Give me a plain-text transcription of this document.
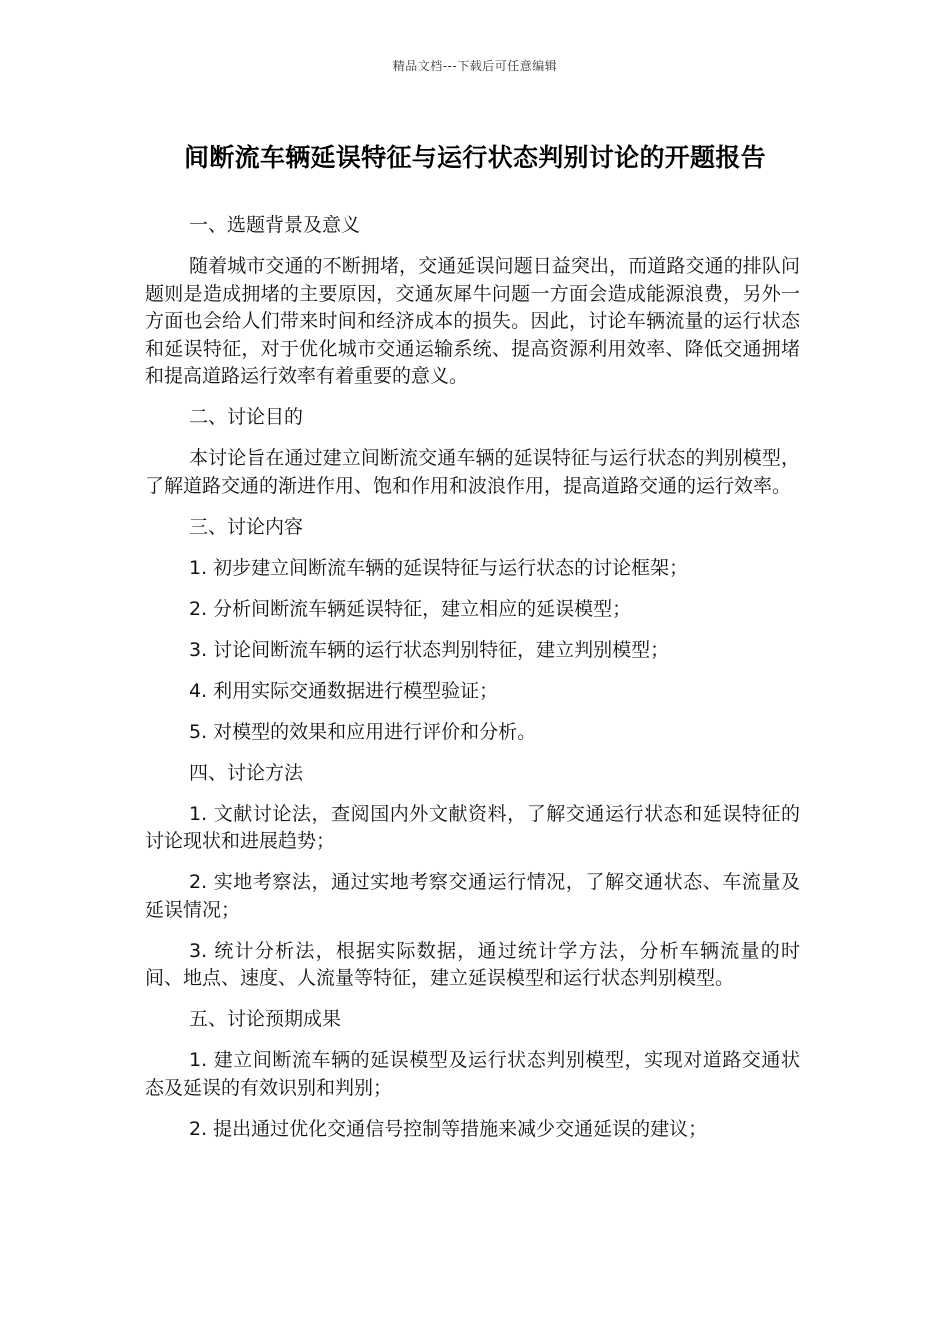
精品文档---下载后可任意编辑
间断流车辆延误特征与运行状态判别讨论的开题报告

一、选题背景及意义

随着城市交通的不断拥堵，交通延误问题日益突出，而道路交通的排队问题则是造成拥堵的主要原因，交通灰犀牛问题一方面会造成能源浪费，另外一方面也会给人们带来时间和经济成本的损失。因此，讨论车辆流量的运行状态和延误特征，对于优化城市交通运输系统、提高资源利用效率、降低交通拥堵和提高道路运行效率有着重要的意义。

二、讨论目的

本讨论旨在通过建立间断流交通车辆的延误特征与运行状态的判别模型，了解道路交通的渐进作用、饱和作用和波浪作用，提高道路交通的运行效率。

三、讨论内容

1. 初步建立间断流车辆的延误特征与运行状态的讨论框架；

2. 分析间断流车辆延误特征，建立相应的延误模型；

3. 讨论间断流车辆的运行状态判别特征，建立判别模型；

4. 利用实际交通数据进行模型验证；

5. 对模型的效果和应用进行评价和分析。

四、讨论方法

1. 文献讨论法，查阅国内外文献资料，了解交通运行状态和延误特征的讨论现状和进展趋势；

2. 实地考察法，通过实地考察交通运行情况，了解交通状态、车流量及延误情况；

3. 统计分析法，根据实际数据，通过统计学方法，分析车辆流量的时间、地点、速度、人流量等特征，建立延误模型和运行状态判别模型。

五、讨论预期成果

1. 建立间断流车辆的延误模型及运行状态判别模型，实现对道路交通状态及延误的有效识别和判别；

2. 提出通过优化交通信号控制等措施来减少交通延误的建议；
